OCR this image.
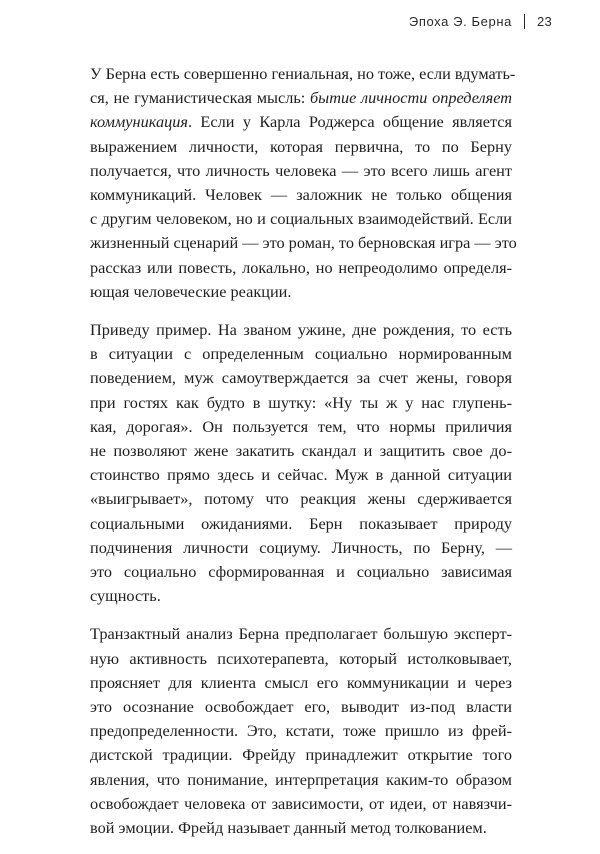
Эпоха Э. Берна 23
У Берна есть совершенно гениальная, но тоже, если вдумать-
ся, не гуманистическая мысль: бытие личности определяет
коммуникация. Если у Карла Роджерса общение является
выражением личности, которая первична, то по Берну
получается, что личность человека — это всего лишь агент
коммуникаций. Человек — заложник не только общения
с другим человеком, но и социальных взаимодействий. Если
жизненный сценарий — это роман, то берновская игра — это
рассказ или повесть, локально, но непреодолимо определя-
ющая человеческие реакции.
Приведу пример. На званом ужине, дне рождения, то есть
в ситуации с определенным социально нормированным
поведением, муж самоутверждается за счет жены, говоря
при гостях как будто в шутку: «Ну ты ж у нас глупень-
кая, дорогая». Он пользуется тем, что нормы приличия
не позволяют жене закатить скандал и защитить свое до-
стоинство прямо здесь и сейчас. Муж в данной ситуации
«выигрывает», потому что реакция жены сдерживается
социальными ожиданиями. Берн показывает природу
подчинения личности социуму. Личность, по Берну, —
это социально сформированная и социально зависимая
сущность.
Транзактный анализ Берна предполагает большую эксперт-
ную активность психотерапевта, который истолковывает,
проясняет для клиента смысл его коммуникации и через
это осознание освобождает его, выводит из-под власти
предопределенности. Это, кстати, тоже пришло из фрей-
дистской традиции. Фрейду принадлежит открытие того
явления, что понимание, интерпретация каким-то образом
освобождает человека от зависимости, от идеи, от навязчи-
вой эмоции. Фрейд называет данный метод толкованием.
